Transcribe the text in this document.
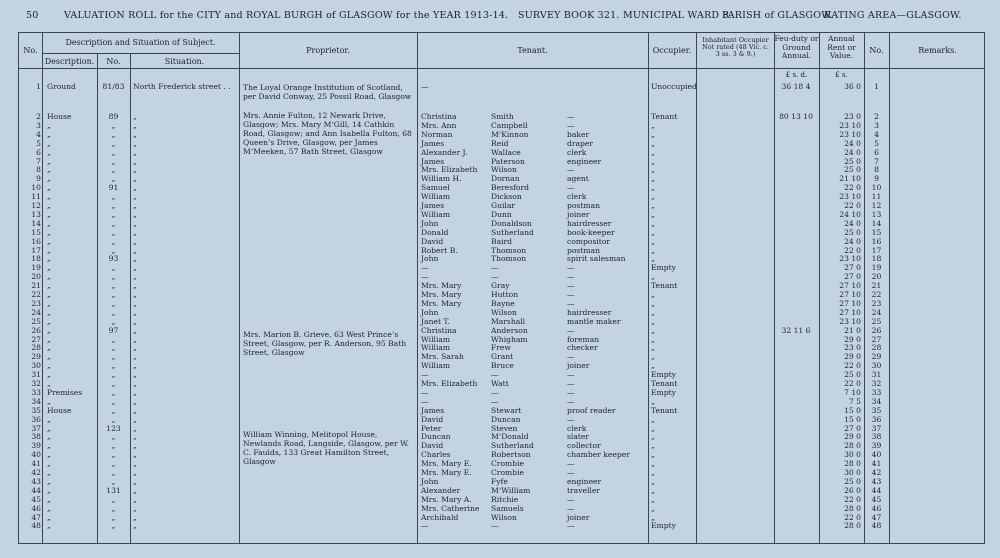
50	VALUATION ROLL for the CITY and ROYAL BURGH of GLASGOW for the YEAR 1913-14. SURVEY BOOK 321. MUNICIPAL WARD 8.
PARISH of GLASGOW.
RATING AREA—GLASGOW.
No.
Description and Situation of Subject.
Description.	No.	Situation.
Proprietor.	Tenant.	Occupier.
Inhabitant Occupier Not rated (48 Vic. c. 3 ss. 3 & 9.)
Feu-duty or Ground Annual.
Annual Rent or Value.
No.	Remarks.
£ s. d.	£ s.
The Loyal Orange Institution of Scotland, per David Conway, 25 Possil Road, Glasgow
Mrs. Annie Fulton, 12 Newark Drive, Glasgow; Mrs. Mary M‘Gill, 14 Cathkin Road, Glasgow; and Ann Isabella Fulton, 68 Queen’s Drive, Glasgow, per James M‘Meeken, 57 Bath Street, Glasgow
Mrs. Marion B. Grieve, 63 West Prince’s Street, Glasgow, per R. Anderson, 95 Bath Street, Glasgow
William Winning, Melitopol House, Newlands Road, Langside, Glasgow, per W. C. Faulds, 133 Great Hamilton Street, Glasgow
1 Ground	81/83	North Frederick street . .	—	Unoccupied	36 18 4	36 0	1
2 House	89	„	Christina	Smith	—	Tenant	80 13 10	23 0	2
3 „	„	„	Mrs. Ann	Campbell	—	„	23 10	3
4 „	„	„	Norman	M‘Kinnon	baker	„	23 10	4
5 „	„	„	James	Reid	draper	„	24 0	5
6 „	„	„	Alexander J.	Wallace	clerk	„	24 0	6
7 „	„	„	James	Paterson	engineer	„	25 0	7
8 „	„	„	Mrs. Elizabeth	Wilson	—	„	25 0	8
9 „	„	„	William H.	Dornan	agent	„	21 10	9
10 „	91	„	Samuel	Beresford	—	„	22 0	10
11 „	„	„	William	Dickson	clerk	„	23 10	11
12 „	„	„	James	Guilar	postman	„	22 0	12
13 „	„	„	William	Dunn	joiner	„	24 10	13
14 „	„	„	John	Donaldson	hairdresser	„	24 0	14
15 „	„	„	Donald	Sutherland	book-keeper	„	25 0	15
16 „	„	„	David	Baird	compositor	„	24 0	16
17 „	„	„	Robert B.	Thomson	postman	„	22 0	17
18 „	93	„	John	Thomson	spirit salesman	„	23 10	18
19 „	„	„	—	—	—	Empty	27 0	19
20 „	„	„	—	—	—	„	27 0	20
21 „	„	„	Mrs. Mary	Gray	—	Tenant	27 10	21
22 „	„	„	Mrs. Mary	Hutton	—	„	27 10	22
23 „	„	„	Mrs. Mary	Bayne	—	„	27 10	23
24 „	„	„	John	Wilson	hairdresser	„	27 10	24
25 „	„	„	Janet T.	Marshall	mantle maker	„	23 10	25
26 „	97	„	Christina	Anderson	—	„	32 11 6	21 0	26
27 „	„	„	William	Whigham	foreman	„	29 0	27
28 „	„	„	William	Frew	checker	„	23 0	28
29 „	„	„	Mrs. Sarah	Grant	—	„	29 0	29
30 „	„	„	William	Bruce	joiner	„	22 0	30
31 „	„	„	—	—	—	Empty	25 0	31
32 „	„	„	Mrs. Elizabeth	Watt	—	Tenant	22 0	32
33 Premises	„	„	—	—	—	Empty	7 10	33
34 „	„	„	—	—	—	„	7 5	34
35 House	„	„	James	Stewart	proof reader	Tenant	15 0	35
36 „	„	„	David	Duncan	—	„	15 0	36
37 „	123	„	Peter	Steven	clerk	„	27 0	37
38 „	„	„	Duncan	M‘Donald	slater	„	29 0	38
39 „	„	„	David	Sutherland	collector	„	28 0	39
40 „	„	„	Charles	Robertson	chamber keeper	„	30 0	40
41 „	„	„	Mrs. Mary E.	Crombie	—	„	28 0	41
42 „	„	„	Mrs. Mary E.	Crombie	—	„	30 0	42
43 „	„	„	John	Fyfe	engineer	„	25 0	43
44 „	131	„	Alexander	M‘William	traveller	„	26 0	44
45 „	„	„	Mrs. Mary A.	Ritchie	—	„	22 0	45
46 „	„	„	Mrs. Catherine	Samuels	—	„	28 0	46
47 „	„	„	Archibald	Wilson	joiner	„	22 0	47
48 „	„	„	—	—	—	Empty	28 0	48
